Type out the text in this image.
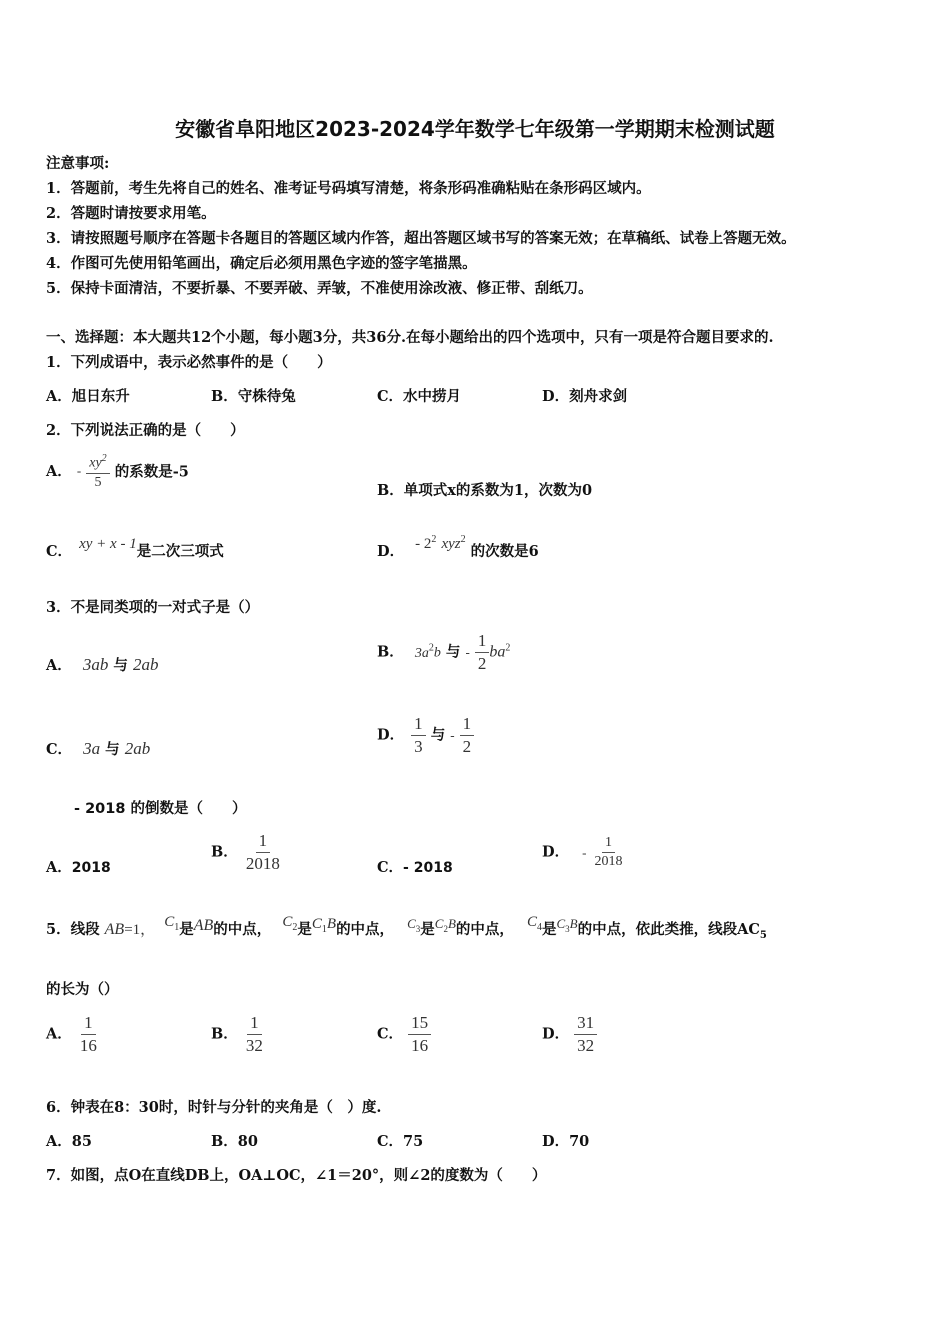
安徽省阜阳地区2023-2024学年数学七年级第一学期期末检测试题
注意事项:
1．答题前，考生先将自己的姓名、准考证号码填写清楚，将条形码准确粘贴在条形码区域内。
2．答题时请按要求用笔。
3．请按照题号顺序在答题卡各题目的答题区域内作答，超出答题区域书写的答案无效；在草稿纸、试卷上答题无效。
4．作图可先使用铅笔画出，确定后必须用黑色字迹的签字笔描黑。
5．保持卡面清洁，不要折暴、不要弄破、弄皱，不准使用涂改液、修正带、刮纸刀。
一、选择题：本大题共12个小题，每小题3分，共36分.在每小题给出的四个选项中，只有一项是符合题目要求的.
1．下列成语中，表示必然事件的是（　　）
A．旭日东升	B．守株待兔	C．水中捞月	D．刻舟求剑
2．下列说法正确的是（　　）
A． - $\frac{xy^2}{5}$ 的系数是-5
B．单项式x的系数为1，次数为0
C． xy + x - 1是二次三项式	D． - $2^2$ xyz$^2$ 的次数是6
3．不是同类项的一对式子是（）
A． 3ab 与 2ab
B． $3a^2b$ 与 - $\frac{1}{2} ba^2$
C． 3a 与 2ab
D． $\frac{1}{3}$ 与 - $\frac{1}{2}$
- 2018 的倒数是（　　）
A．2018
B． $\frac{1}{2018}$	C．- 2018
D． - $\frac{1}{2018}$
5．线段 AB=1， $C_1$是AB的中点， $C_2$是$C_1B$的中点， $C_3$是$C_2B$的中点， $C_4$是$C_3B$的中点，依此类推，线段$AC_5$
的长为（）
A． $\frac{1}{16}$	B． $\frac{1}{32}$	C． $\frac{15}{16}$	D． $\frac{31}{32}$
6．钟表在8：30时，时针与分针的夹角是（　）度.
A．85	B．80	C．75	D．70
7．如图，点O在直线DB上，OA⊥OC，∠1＝20°，则∠2的度数为（　　）
